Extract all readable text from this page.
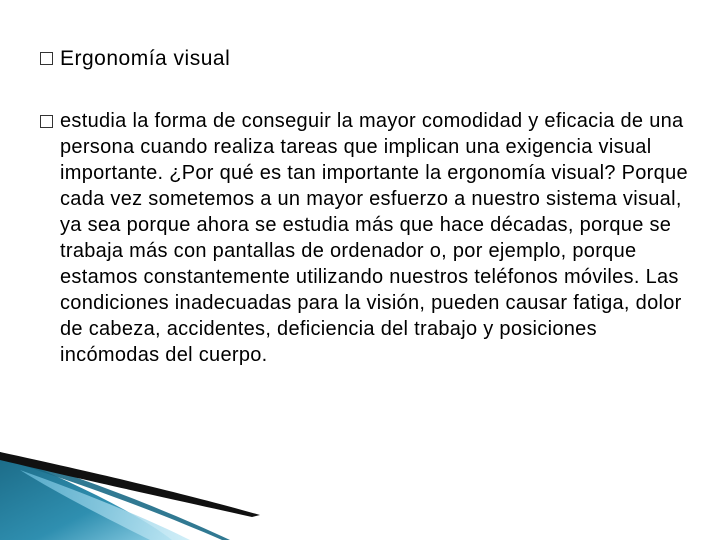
Ergonomía visual
estudia la forma de conseguir la mayor comodidad y eficacia de una persona cuando realiza tareas que implican una exigencia visual importante. ¿Por qué es tan importante la ergonomía visual? Porque cada vez sometemos a un mayor esfuerzo a nuestro sistema visual, ya sea porque ahora se estudia más que hace décadas, porque se trabaja más con pantallas de ordenador o, por ejemplo, porque estamos constantemente utilizando nuestros teléfonos móviles. Las condiciones inadecuadas para la visión, pueden causar fatiga, dolor de cabeza, accidentes, deficiencia del trabajo y posiciones incómodas del cuerpo.
